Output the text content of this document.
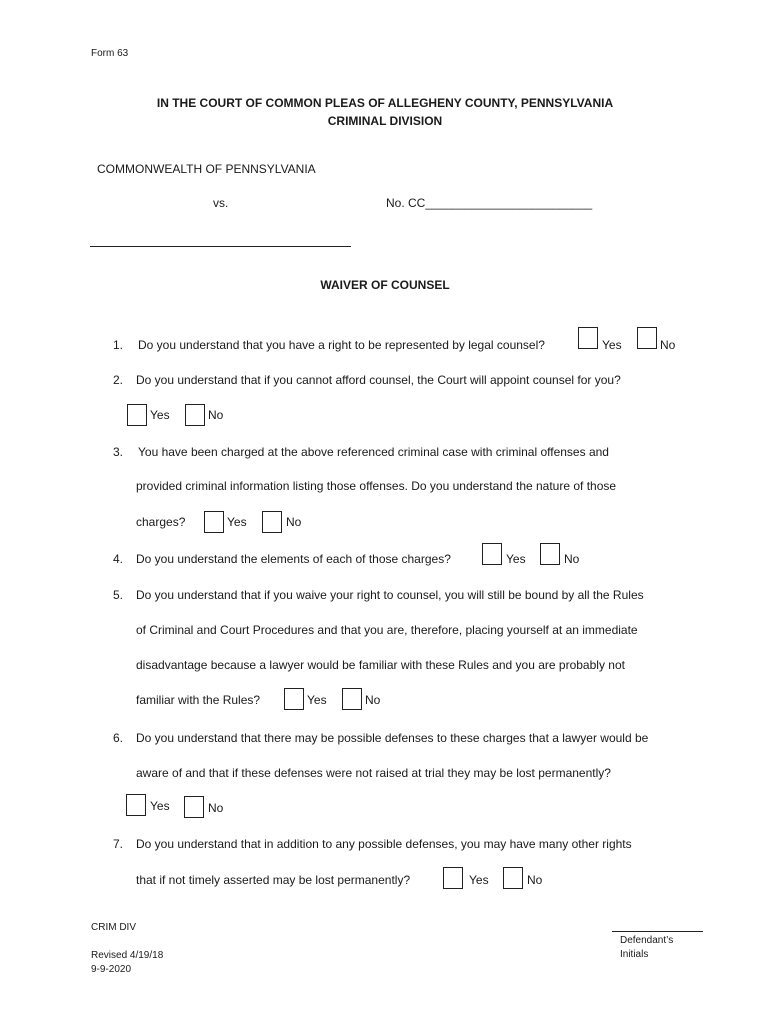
Form 63
IN THE COURT OF COMMON PLEAS OF ALLEGHENY COUNTY, PENNSYLVANIA
CRIMINAL DIVISION
COMMONWEALTH OF PENNSYLVANIA
vs.	No. CC_________________________
WAIVER OF COUNSEL
1. Do you understand that you have a right to be represented by legal counsel?	Yes	No
2. Do you understand that if you cannot afford counsel, the Court will appoint counsel for you?
Yes	No
3. You have been charged at the above referenced criminal case with criminal offenses and
provided criminal information listing those offenses. Do you understand the nature of those
charges?	Yes	No
4. Do you understand the elements of each of those charges?	Yes	No
5. Do you understand that if you waive your right to counsel, you will still be bound by all the Rules
of Criminal and Court Procedures and that you are, therefore, placing yourself at an immediate
disadvantage because a lawyer would be familiar with these Rules and you are probably not
familiar with the Rules?	Yes	No
6. Do you understand that there may be possible defenses to these charges that a lawyer would be
aware of and that if these defenses were not raised at trial they may be lost permanently?
Yes	No
7. Do you understand that in addition to any possible defenses, you may have many other rights
that if not timely asserted may be lost permanently?	Yes	No
CRIM DIV
Revised 4/19/18
9-9-2020
Defendant’s
Initials
